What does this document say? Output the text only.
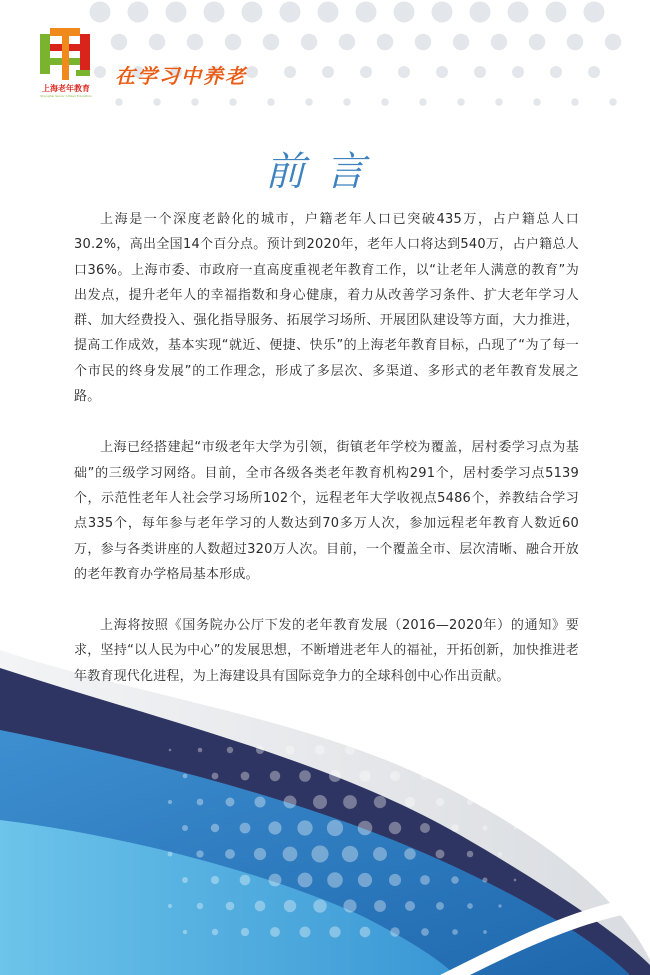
上海老年教育
Shanghai Senior Citizen Education
在学习中养老
前言

上海是一个深度老龄化的城市，户籍老年人口已突破435万，占户籍总人口30.2%，高出全国14个百分点。预计到2020年，老年人口将达到540万，占户籍总人口36%。上海市委、市政府一直高度重视老年教育工作，以“让老年人满意的教育”为出发点，提升老年人的幸福指数和身心健康，着力从改善学习条件、扩大老年学习人群、加大经费投入、强化指导服务、拓展学习场所、开展团队建设等方面，大力推进，提高工作成效，基本实现“就近、便捷、快乐”的上海老年教育目标，凸现了“为了每一个市民的终身发展”的工作理念，形成了多层次、多渠道、多形式的老年教育发展之路。

上海已经搭建起“市级老年大学为引领，街镇老年学校为覆盖，居村委学习点为基础”的三级学习网络。目前，全市各级各类老年教育机构291个，居村委学习点5139个，示范性老年人社会学习场所102个，远程老年大学收视点5486个，养教结合学习点335个，每年参与老年学习的人数达到70多万人次，参加远程老年教育人数近60万，参与各类讲座的人数超过320万人次。目前，一个覆盖全市、层次清晰、融合开放的老年教育办学格局基本形成。

上海将按照《国务院办公厅下发的老年教育发展（2016—2020年）的通知》要求，坚持“以人民为中心”的发展思想，不断增进老年人的福祉，开拓创新，加快推进老年教育现代化进程，为上海建设具有国际竞争力的全球科创中心作出贡献。
